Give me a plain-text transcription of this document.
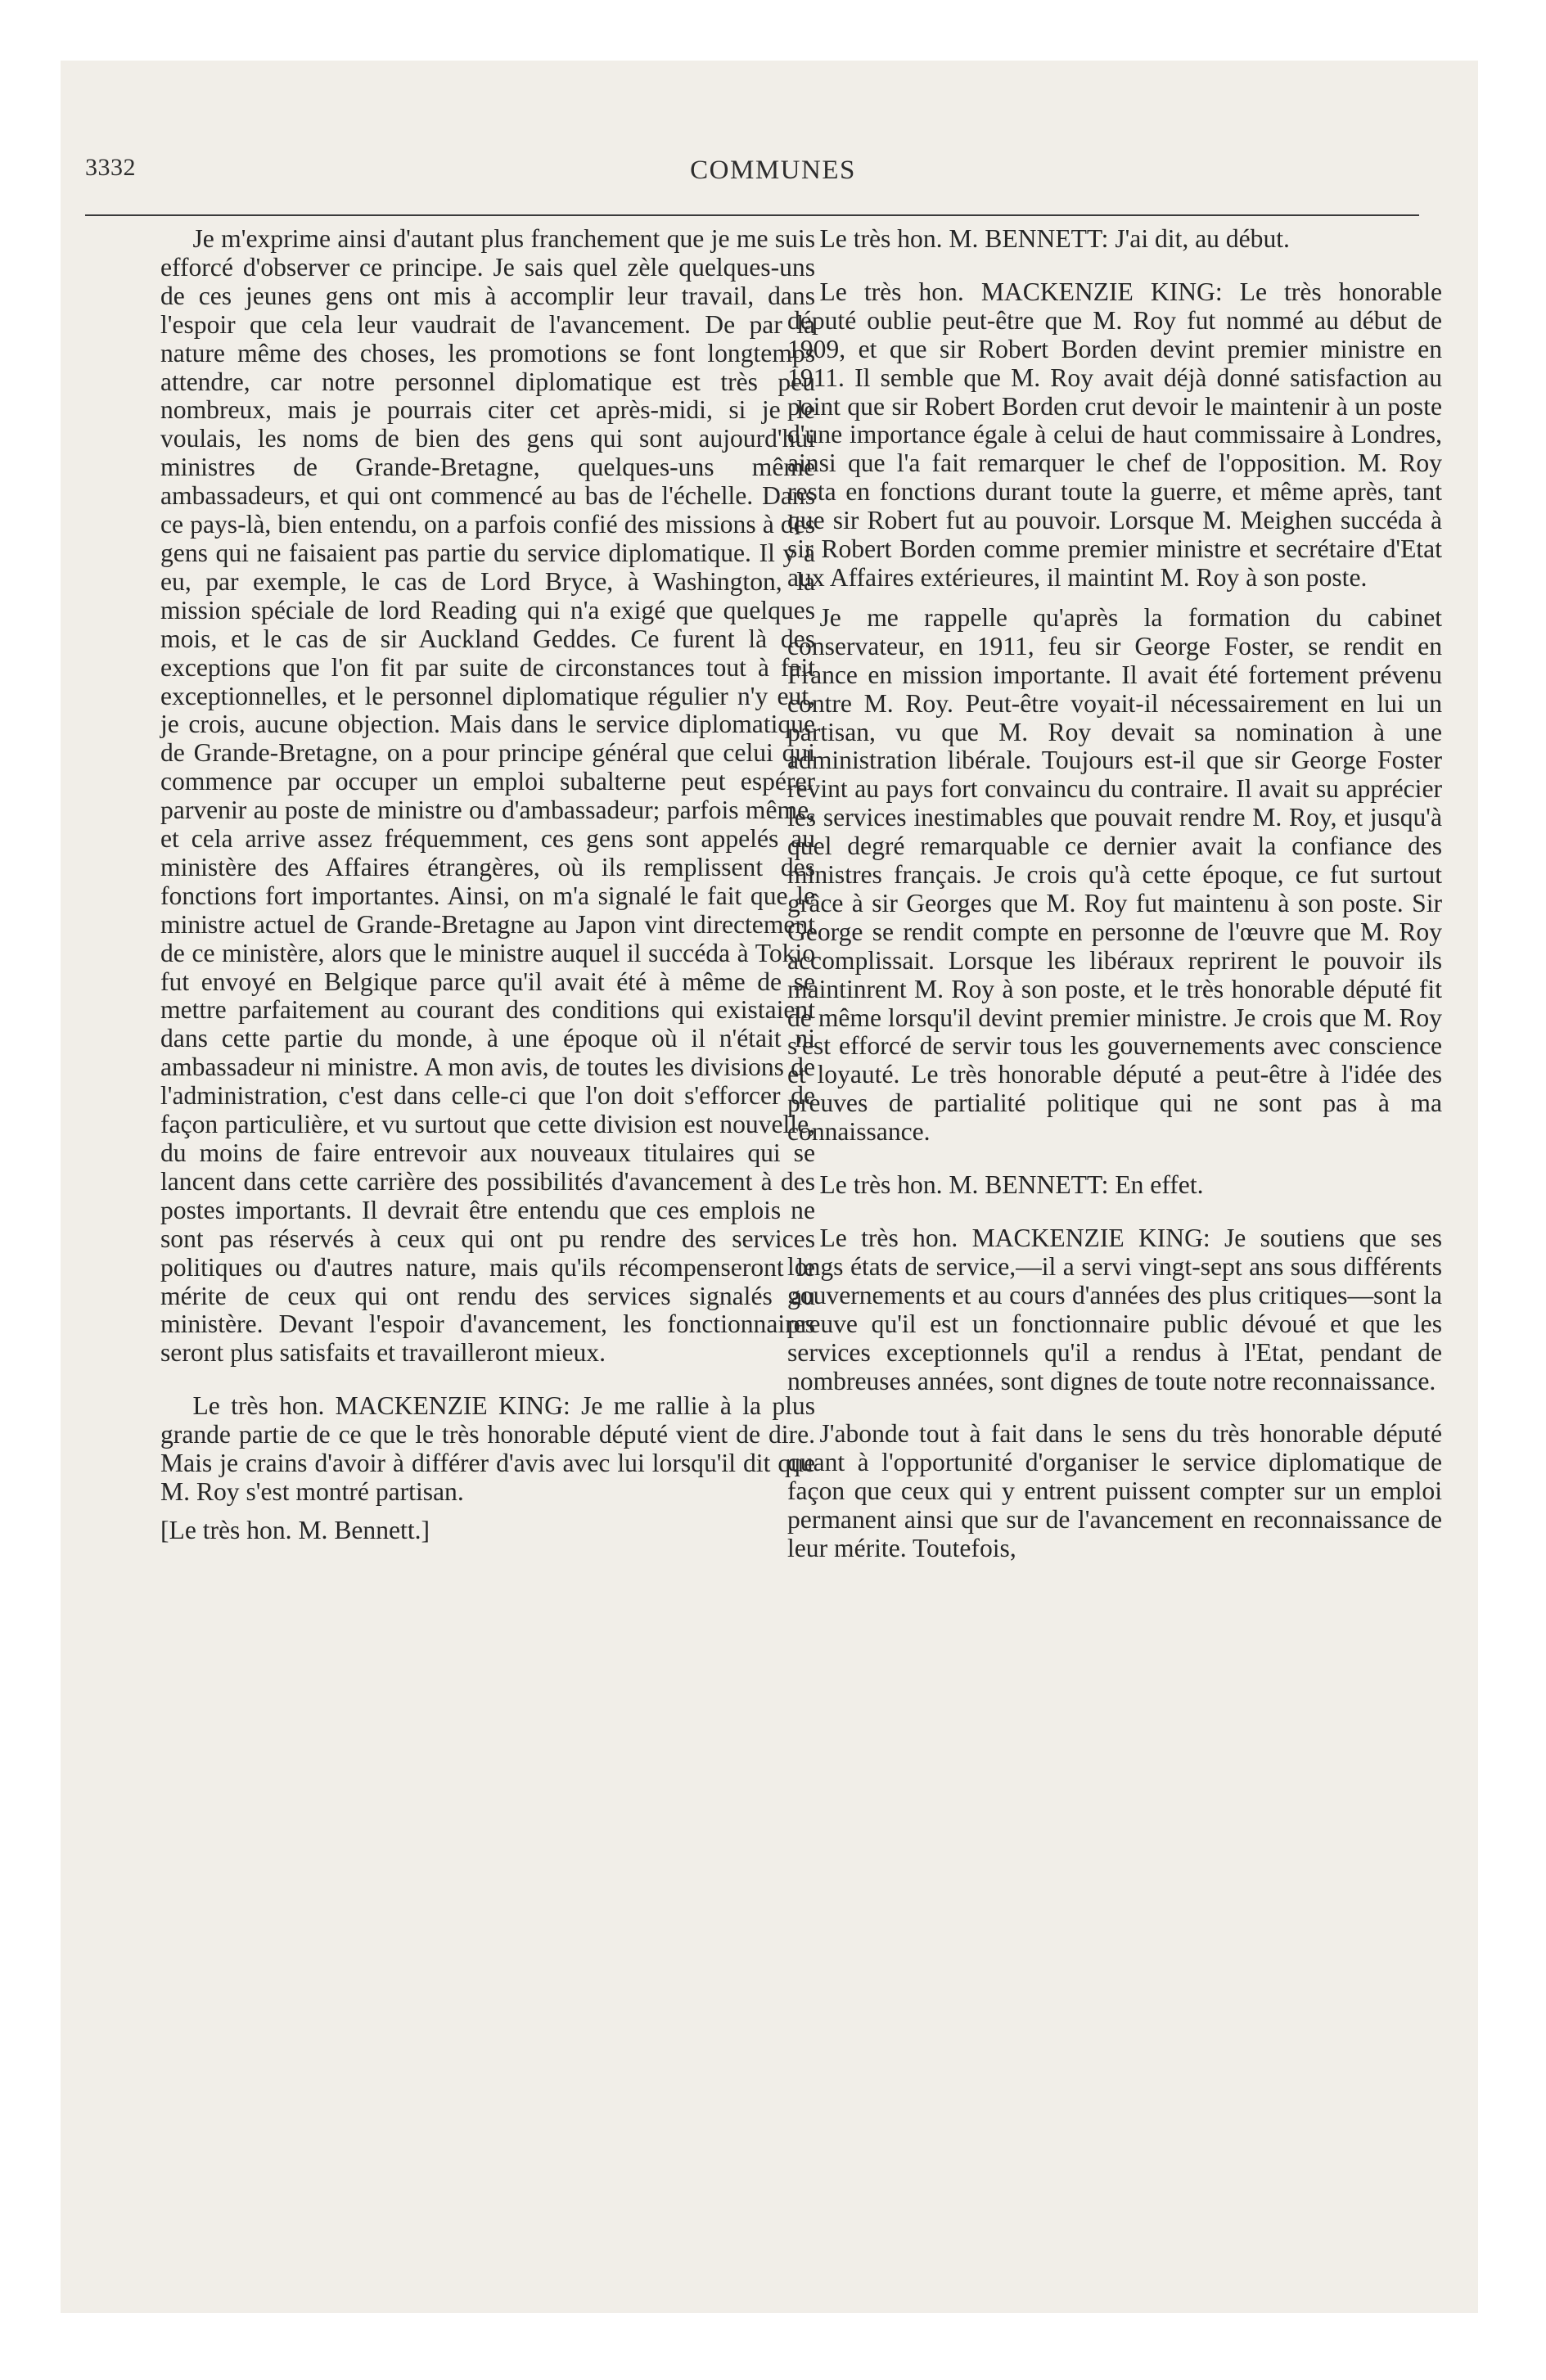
3332	COMMUNES

Je m'exprime ainsi d'autant plus franchement que je me suis efforcé d'observer ce principe. Je sais quel zèle quelques-uns de ces jeunes gens ont mis à accomplir leur travail, dans l'espoir que cela leur vaudrait de l'avancement. De par la nature même des choses, les promotions se font longtemps attendre, car notre personnel diplomatique est très peu nombreux, mais je pourrais citer cet après-midi, si je le voulais, les noms de bien des gens qui sont aujourd'hui ministres de Grande-Bretagne, quelques-uns même ambassadeurs, et qui ont commencé au bas de l'échelle. Dans ce pays-là, bien entendu, on a parfois confié des missions à des gens qui ne faisaient pas partie du service diplomatique. Il y a eu, par exemple, le cas de Lord Bryce, à Washington, la mission spéciale de lord Reading qui n'a exigé que quelques mois, et le cas de sir Auckland Geddes. Ce furent là des exceptions que l'on fit par suite de circonstances tout à fait exceptionnelles, et le personnel diplomatique régulier n'y eut, je crois, aucune objection. Mais dans le service diplomatique de Grande-Bretagne, on a pour principe général que celui qui commence par occuper un emploi subalterne peut espérer parvenir au poste de ministre ou d'ambassadeur; parfois même, et cela arrive assez fréquemment, ces gens sont appelés au ministère des Affaires étrangères, où ils remplissent des fonctions fort importantes. Ainsi, on m'a signalé le fait que le ministre actuel de Grande-Bretagne au Japon vint directement de ce ministère, alors que le ministre auquel il succéda à Tokio fut envoyé en Belgique parce qu'il avait été à même de se mettre parfaitement au courant des conditions qui existaient dans cette partie du monde, à une époque où il n'était ni ambassadeur ni ministre. A mon avis, de toutes les divisions de l'administration, c'est dans celle-ci que l'on doit s'efforcer de façon particulière, et vu surtout que cette division est nouvelle, du moins de faire entrevoir aux nouveaux titulaires qui se lancent dans cette carrière des possibilités d'avancement à des postes importants. Il devrait être entendu que ces emplois ne sont pas réservés à ceux qui ont pu rendre des services politiques ou d'autres nature, mais qu'ils récompenseront le mérite de ceux qui ont rendu des services signalés au ministère. Devant l'espoir d'avancement, les fonctionnaires seront plus satisfaits et travailleront mieux.

Le très hon. MACKENZIE KING: Je me rallie à la plus grande partie de ce que le très honorable député vient de dire. Mais je crains d'avoir à différer d'avis avec lui lorsqu'il dit que M. Roy s'est montré partisan.

[Le très hon. M. Bennett.]

Le très hon. M. BENNETT: J'ai dit, au début.

Le très hon. MACKENZIE KING: Le très honorable député oublie peut-être que M. Roy fut nommé au début de 1909, et que sir Robert Borden devint premier ministre en 1911. Il semble que M. Roy avait déjà donné satisfaction au point que sir Robert Borden crut devoir le maintenir à un poste d'une importance égale à celui de haut commissaire à Londres, ainsi que l'a fait remarquer le chef de l'opposition. M. Roy resta en fonctions durant toute la guerre, et même après, tant que sir Robert fut au pouvoir. Lorsque M. Meighen succéda à sir Robert Borden comme premier ministre et secrétaire d'Etat aux Affaires extérieures, il maintint M. Roy à son poste.

Je me rappelle qu'après la formation du cabinet conservateur, en 1911, feu sir George Foster, se rendit en France en mission importante. Il avait été fortement prévenu contre M. Roy. Peut-être voyait-il nécessairement en lui un partisan, vu que M. Roy devait sa nomination à une administration libérale. Toujours est-il que sir George Foster revint au pays fort convaincu du contraire. Il avait su apprécier les services inestimables que pouvait rendre M. Roy, et jusqu'à quel degré remarquable ce dernier avait la confiance des ministres français. Je crois qu'à cette époque, ce fut surtout grâce à sir Georges que M. Roy fut maintenu à son poste. Sir George se rendit compte en personne de l'œuvre que M. Roy accomplissait. Lorsque les libéraux reprirent le pouvoir ils maintinrent M. Roy à son poste, et le très honorable député fit de même lorsqu'il devint premier ministre. Je crois que M. Roy s'est efforcé de servir tous les gouvernements avec conscience et loyauté. Le très honorable député a peut-être à l'idée des preuves de partialité politique qui ne sont pas à ma connaissance.

Le très hon. M. BENNETT: En effet.

Le très hon. MACKENZIE KING: Je soutiens que ses longs états de service,—il a servi vingt-sept ans sous différents gouvernements et au cours d'années des plus critiques—sont la preuve qu'il est un fonctionnaire public dévoué et que les services exceptionnels qu'il a rendus à l'Etat, pendant de nombreuses années, sont dignes de toute notre reconnaissance.

J'abonde tout à fait dans le sens du très honorable député quant à l'opportunité d'organiser le service diplomatique de façon que ceux qui y entrent puissent compter sur un emploi permanent ainsi que sur de l'avancement en reconnaissance de leur mérite. Toutefois,
